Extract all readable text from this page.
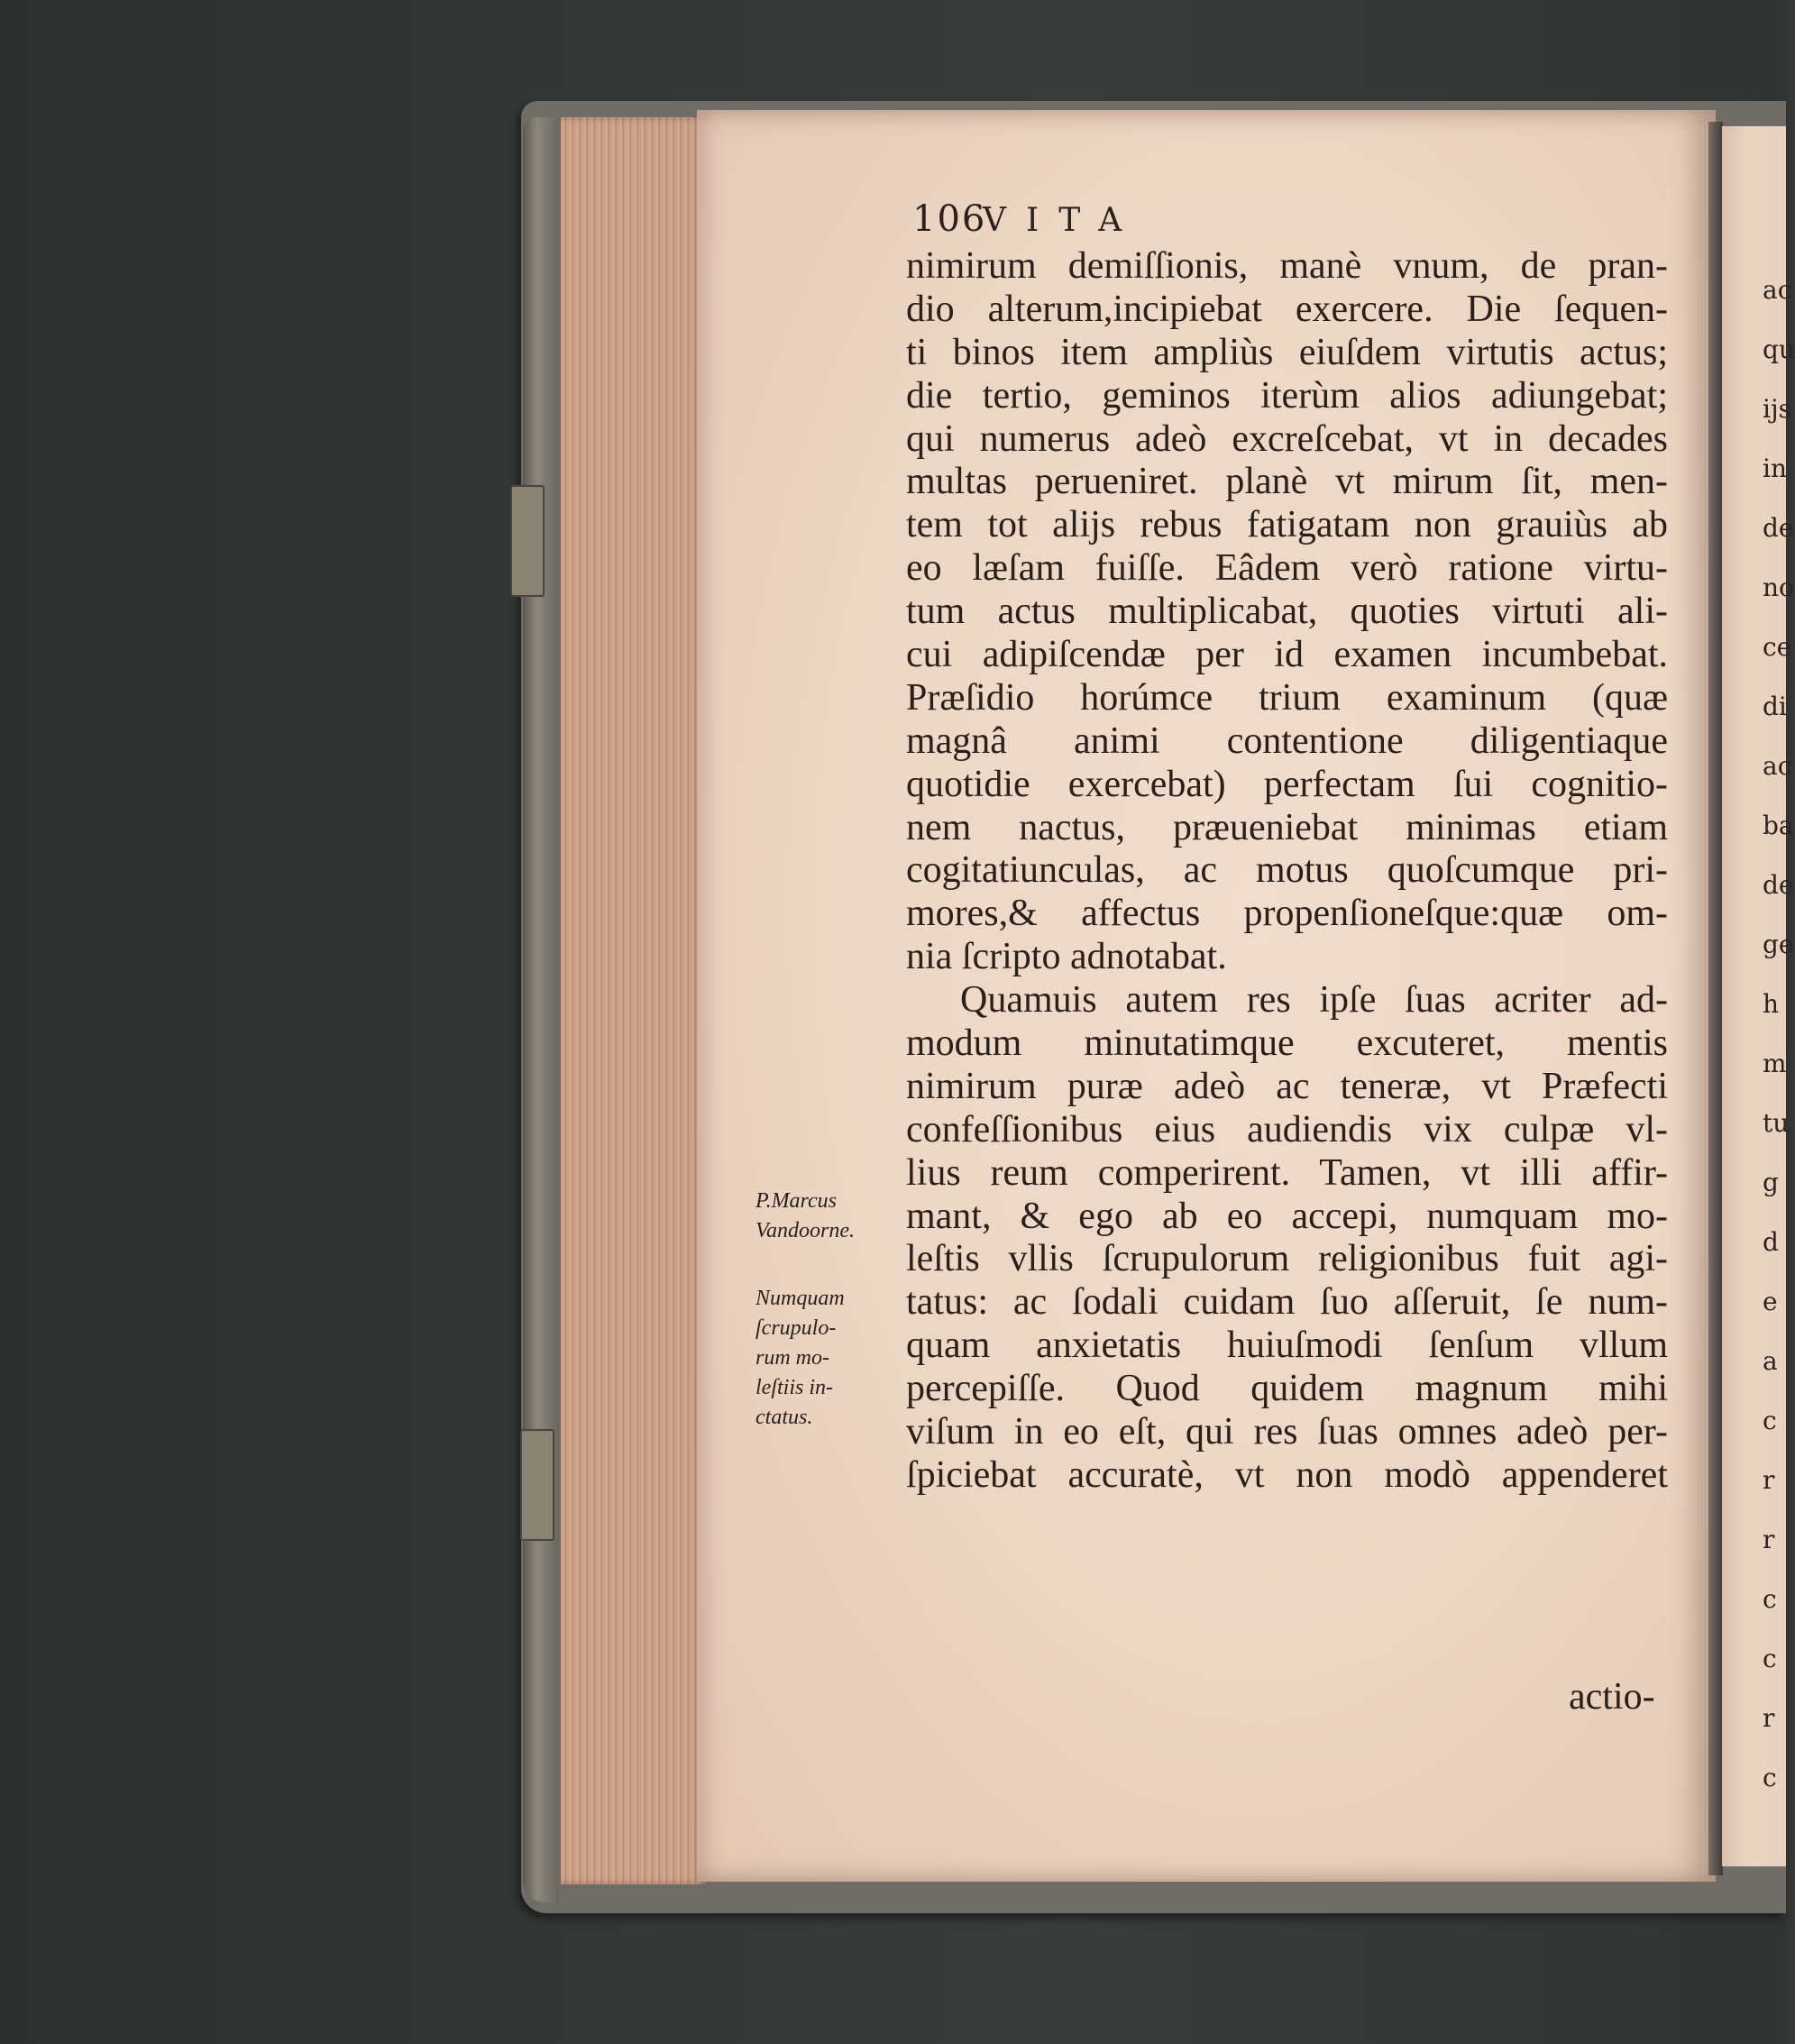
ac
qu
ijs
in
de
no
ce
di
ac
ba
de
ge
h
m
tu
g
d
e
a
c
r
r
c
c
r
c
106
VITA
nimirum demiſſionis, manè vnum, de pran-
dio alterum,incipiebat exercere. Die ſequen-
ti binos item ampliùs eiuſdem virtutis actus;
die tertio, geminos iterùm alios adiungebat;
qui numerus adeò excreſcebat, vt in decades
multas perueniret. planè vt mirum ſit, men-
tem tot alijs rebus fatigatam non grauiùs ab
eo læſam fuiſſe. Eâdem verò ratione virtu-
tum actus multiplicabat, quoties virtuti ali-
cui adipiſcendæ per id examen incumbebat.
Præſidio horúmce trium examinum (quæ
magnâ animi contentione diligentiaque
quotidie exercebat) perfectam ſui cognitio-
nem nactus, præueniebat minimas etiam
cogitatiunculas, ac motus quoſcumque pri-
mores,& affectus propenſioneſque:quæ om-
nia ſcripto adnotabat.
Quamuis autem res ipſe ſuas acriter ad-
modum minutatimque excuteret, mentis
nimirum puræ adeò ac teneræ, vt Præfecti
confeſſionibus eius audiendis vix culpæ vl-
lius reum comperirent. Tamen, vt illi affir-
mant, & ego ab eo accepi, numquam mo-
leſtis vllis ſcrupulorum religionibus fuit agi-
tatus: ac ſodali cuidam ſuo aſſeruit, ſe num-
quam anxietatis huiuſmodi ſenſum vllum
percepiſſe. Quod quidem magnum mihi
viſum in eo eſt, qui res ſuas omnes adeò per-
ſpiciebat accuratè, vt non modò appenderet
actio-
P.Marcus
Vandoorne.
Numquam
ſcrupulo-
rum mo-
leſtiis in-
ctatus.
